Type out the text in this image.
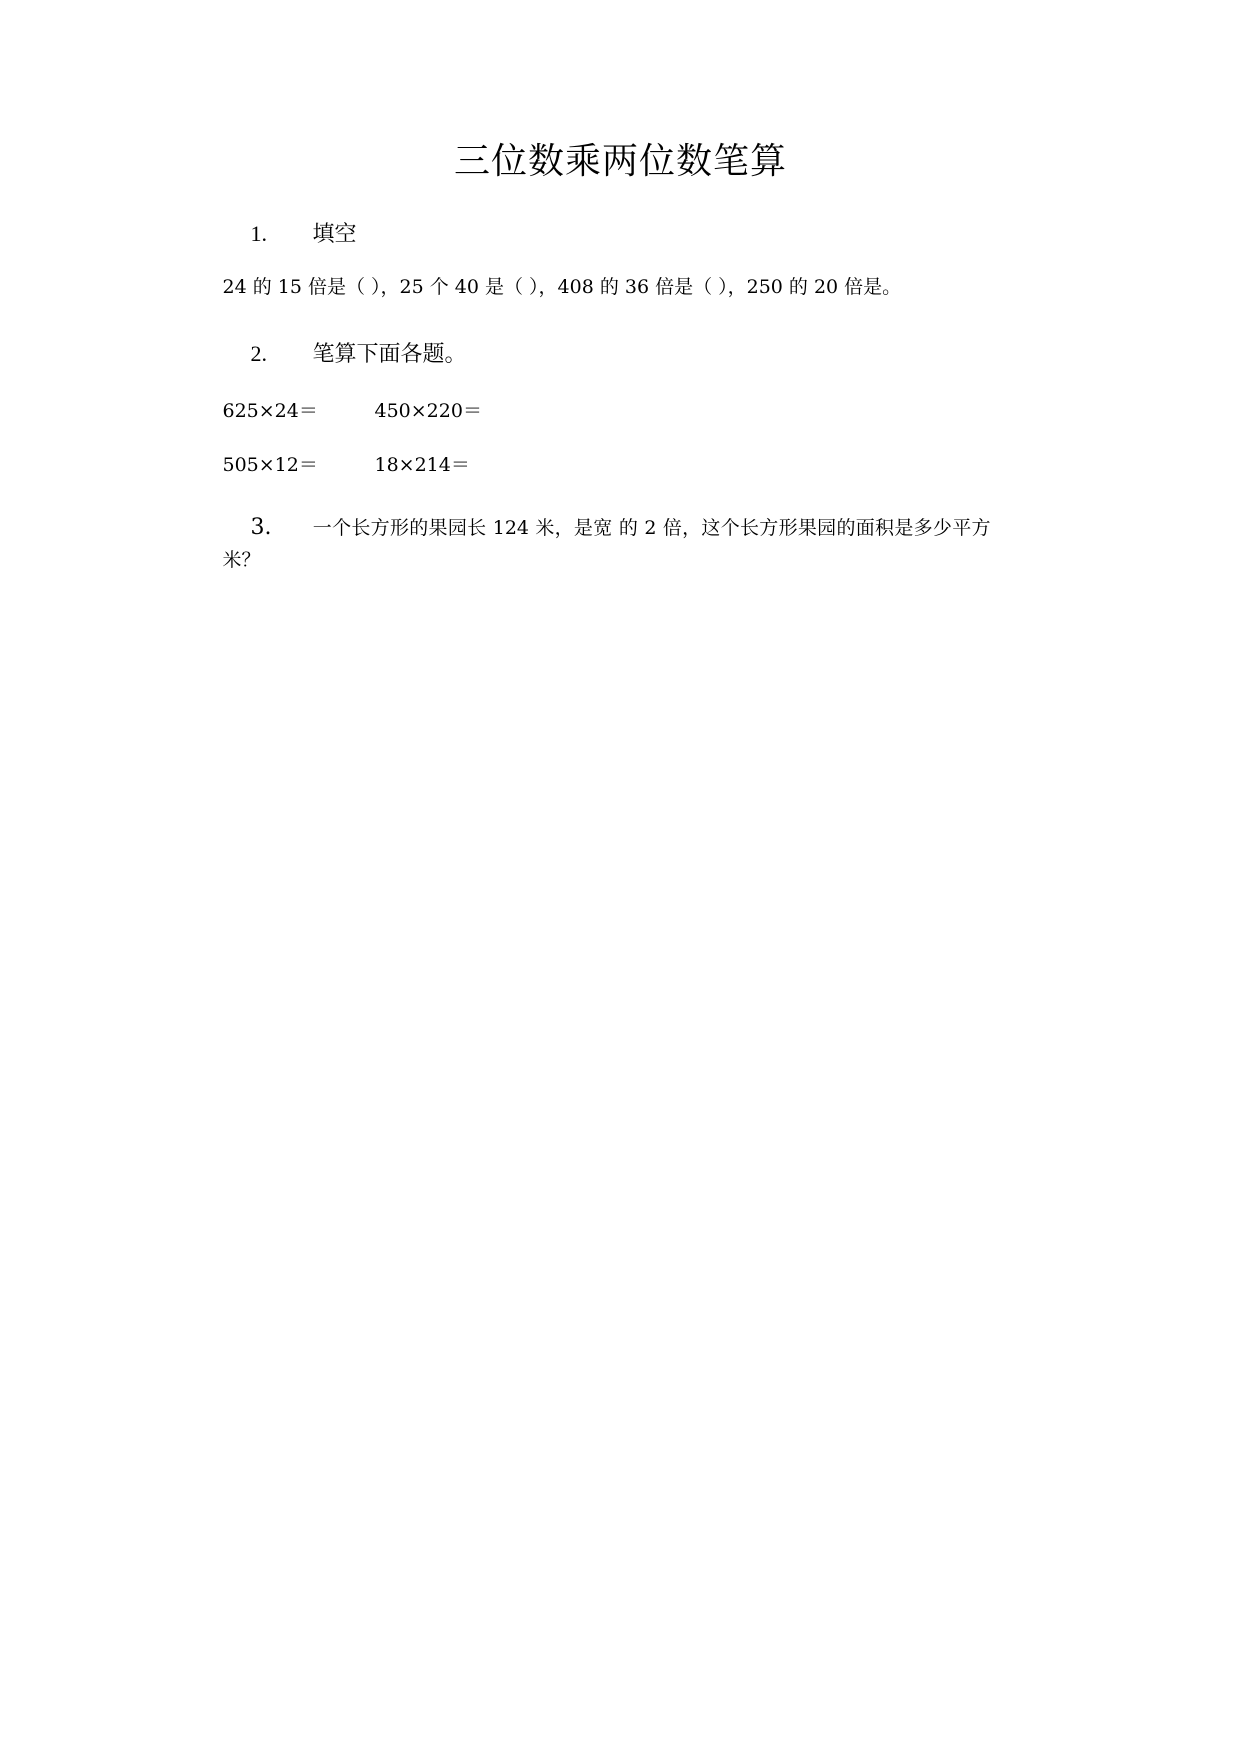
三位数乘两位数笔算
1. 填空
24 的 15 倍是（ ），25 个 40 是（ ），408 的 36 倍是（ ），250 的 20 倍是。
2. 笔算下面各题。
625×24＝	450×220＝
505×12＝	18×214＝
3. 一个长方形的果园长 124 米，是宽 的 2 倍，这个长方形果园的面积是多少平方米？
